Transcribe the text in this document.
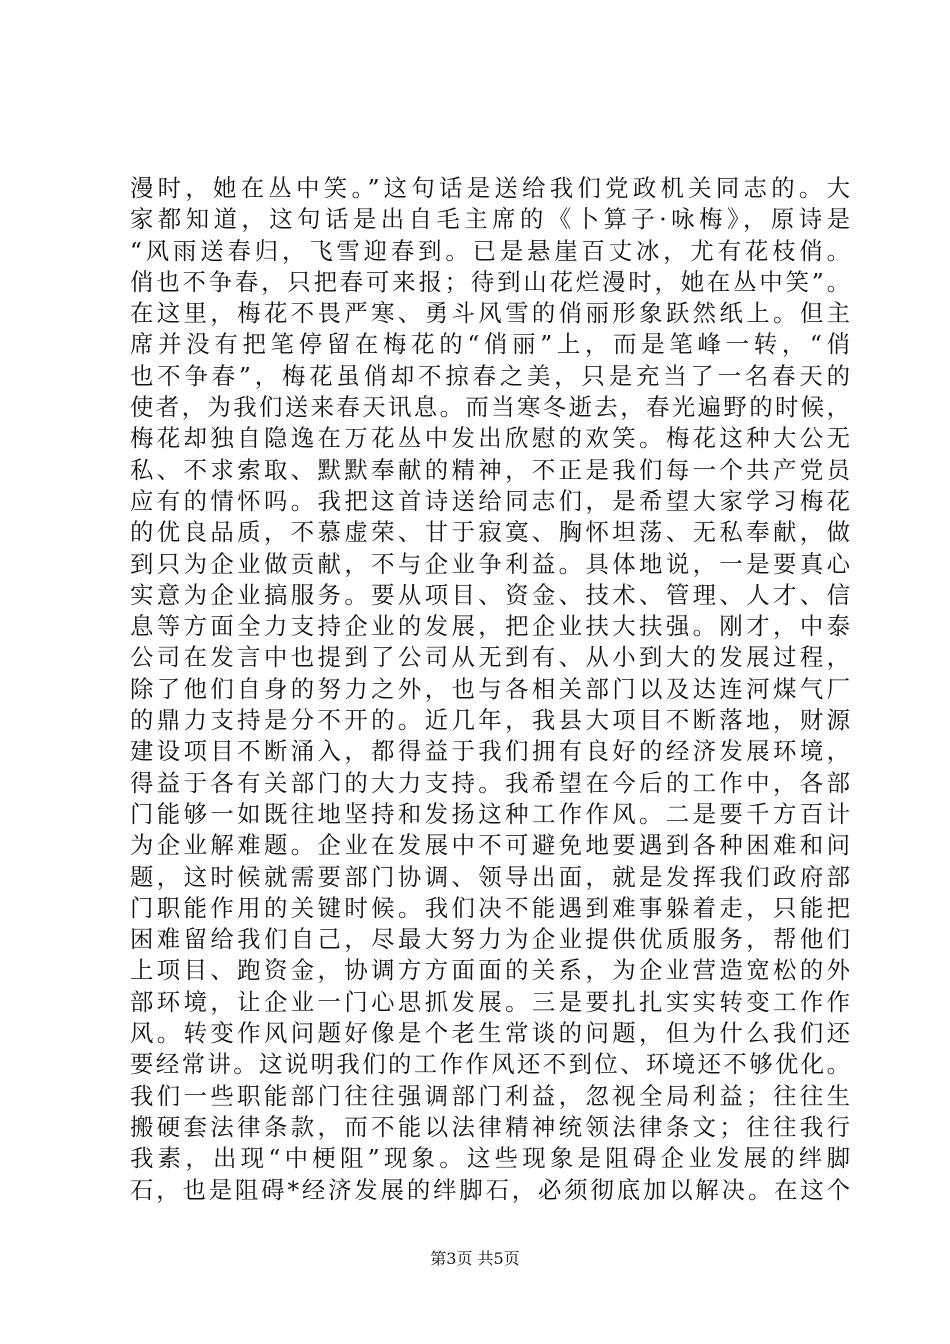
漫时，她在丛中笑。”这句话是送给我们党政机关同志的。大
家都知道，这句话是出自毛主席的《卜算子·咏梅》，原诗是
“风雨送春归，飞雪迎春到。已是悬崖百丈冰，尤有花枝俏。
俏也不争春，只把春可来报；待到山花烂漫时，她在丛中笑”。
在这里，梅花不畏严寒、勇斗风雪的俏丽形象跃然纸上。但主
席并没有把笔停留在梅花的“俏丽”上，而是笔峰一转，“俏
也不争春”，梅花虽俏却不掠春之美，只是充当了一名春天的
使者，为我们送来春天讯息。而当寒冬逝去，春光遍野的时候，
梅花却独自隐逸在万花丛中发出欣慰的欢笑。梅花这种大公无
私、不求索取、默默奉献的精神，不正是我们每一个共产党员
应有的情怀吗。我把这首诗送给同志们，是希望大家学习梅花
的优良品质，不慕虚荣、甘于寂寞、胸怀坦荡、无私奉献，做
到只为企业做贡献，不与企业争利益。具体地说，一是要真心
实意为企业搞服务。要从项目、资金、技术、管理、人才、信
息等方面全力支持企业的发展，把企业扶大扶强。刚才，中泰
公司在发言中也提到了公司从无到有、从小到大的发展过程，
除了他们自身的努力之外，也与各相关部门以及达连河煤气厂
的鼎力支持是分不开的。近几年，我县大项目不断落地，财源
建设项目不断涌入，都得益于我们拥有良好的经济发展环境，
得益于各有关部门的大力支持。我希望在今后的工作中，各部
门能够一如既往地坚持和发扬这种工作作风。二是要千方百计
为企业解难题。企业在发展中不可避免地要遇到各种困难和问
题，这时候就需要部门协调、领导出面，就是发挥我们政府部
门职能作用的关键时候。我们决不能遇到难事躲着走，只能把
困难留给我们自己，尽最大努力为企业提供优质服务，帮他们
上项目、跑资金，协调方方面面的关系，为企业营造宽松的外
部环境，让企业一门心思抓发展。三是要扎扎实实转变工作作
风。转变作风问题好像是个老生常谈的问题，但为什么我们还
要经常讲。这说明我们的工作作风还不到位、环境还不够优化。
我们一些职能部门往往强调部门利益，忽视全局利益；往往生
搬硬套法律条款，而不能以法律精神统领法律条文；往往我行
我素，出现“中梗阻”现象。这些现象是阻碍企业发展的绊脚
石，也是阻碍*经济发展的绊脚石，必须彻底加以解决。在这个
第3页 共5页
